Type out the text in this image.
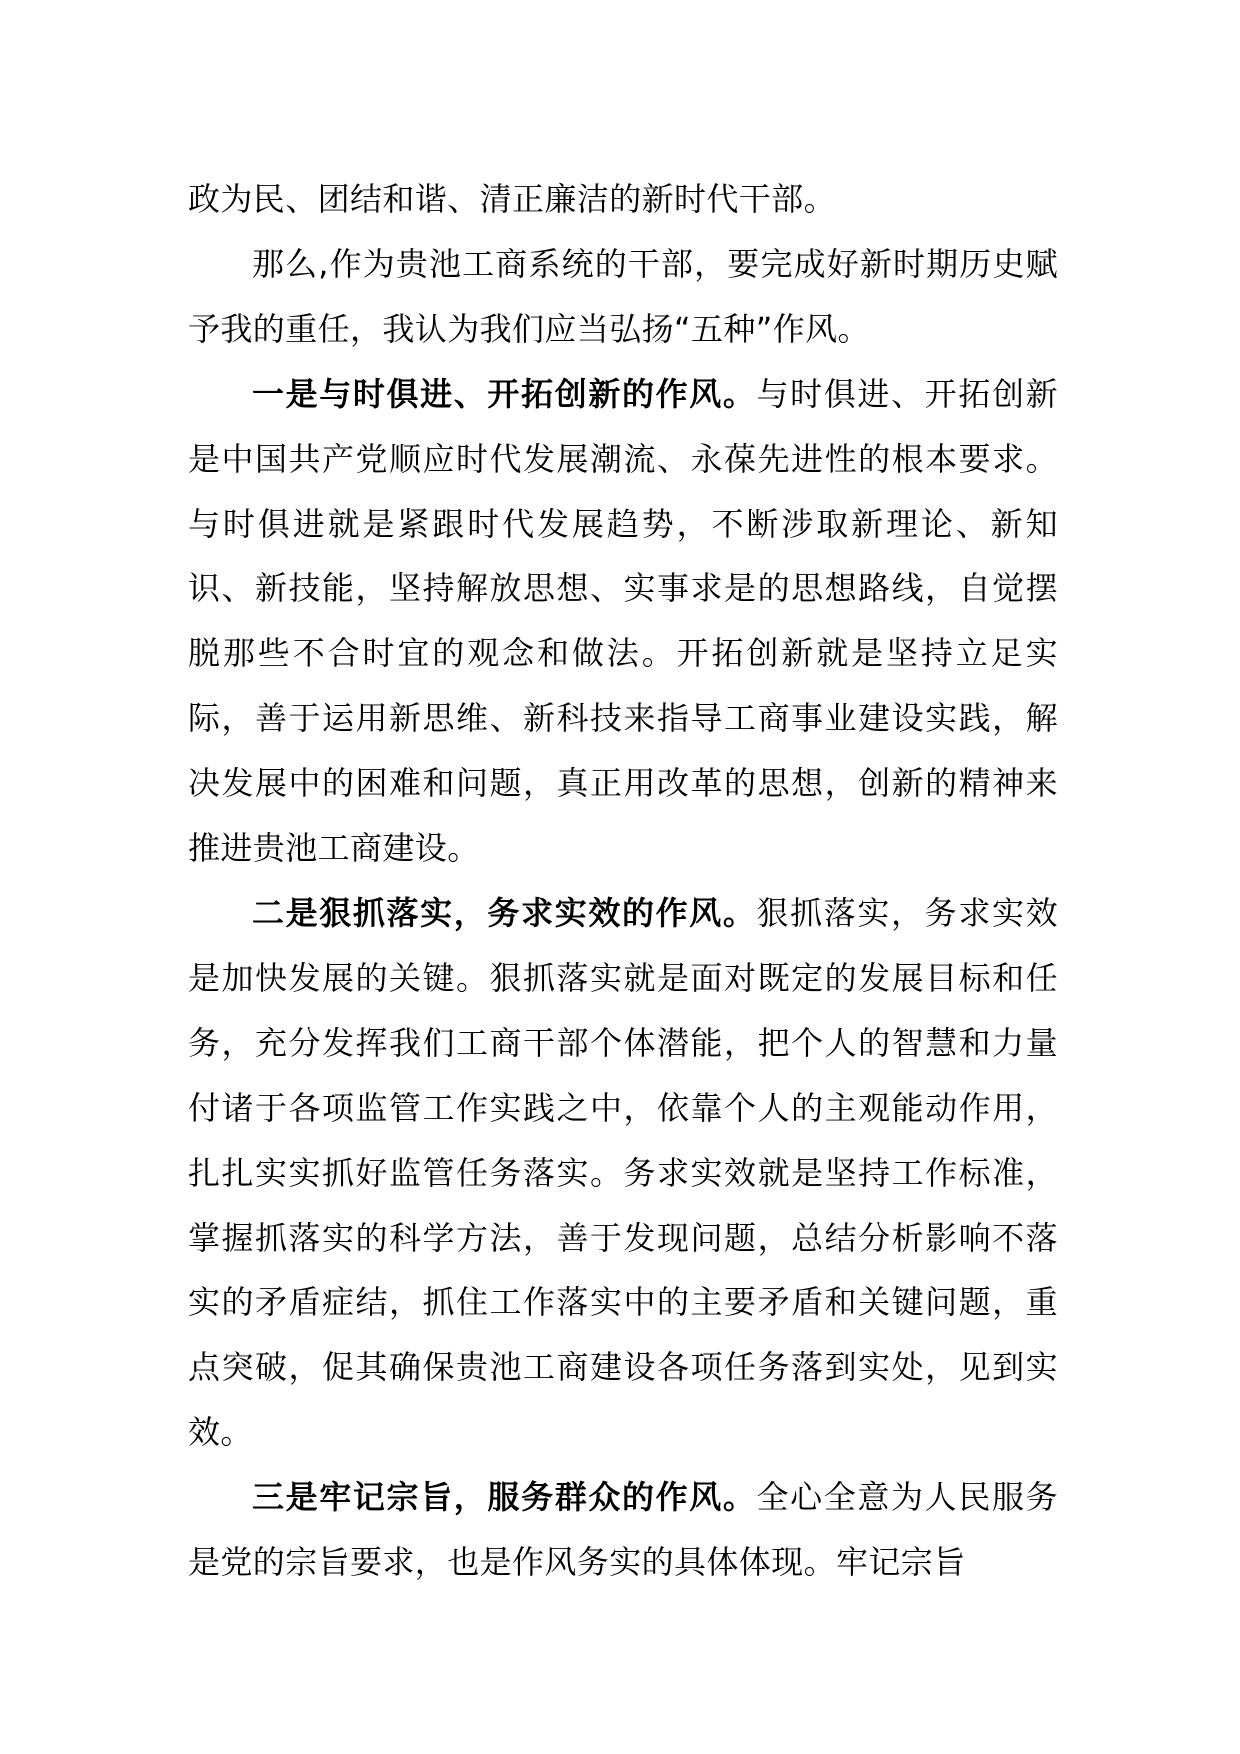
政为民、团结和谐、清正廉洁的新时代干部。

那么,作为贵池工商系统的干部，要完成好新时期历史赋予我的重任，我认为我们应当弘扬“五种”作风。

一是与时俱进、开拓创新的作风。与时俱进、开拓创新是中国共产党顺应时代发展潮流、永葆先进性的根本要求。与时俱进就是紧跟时代发展趋势，不断涉取新理论、新知识、新技能，坚持解放思想、实事求是的思想路线，自觉摆脱那些不合时宜的观念和做法。开拓创新就是坚持立足实际，善于运用新思维、新科技来指导工商事业建设实践，解决发展中的困难和问题，真正用改革的思想，创新的精神来推进贵池工商建设。

二是狠抓落实，务求实效的作风。狠抓落实，务求实效是加快发展的关键。狠抓落实就是面对既定的发展目标和任务，充分发挥我们工商干部个体潜能，把个人的智慧和力量付诸于各项监管工作实践之中，依靠个人的主观能动作用，扎扎实实抓好监管任务落实。务求实效就是坚持工作标准，掌握抓落实的科学方法，善于发现问题，总结分析影响不落实的矛盾症结，抓住工作落实中的主要矛盾和关键问题，重点突破，促其确保贵池工商建设各项任务落到实处，见到实效。

三是牢记宗旨，服务群众的作风。全心全意为人民服务是党的宗旨要求，也是作风务实的具体体现。牢记宗旨
